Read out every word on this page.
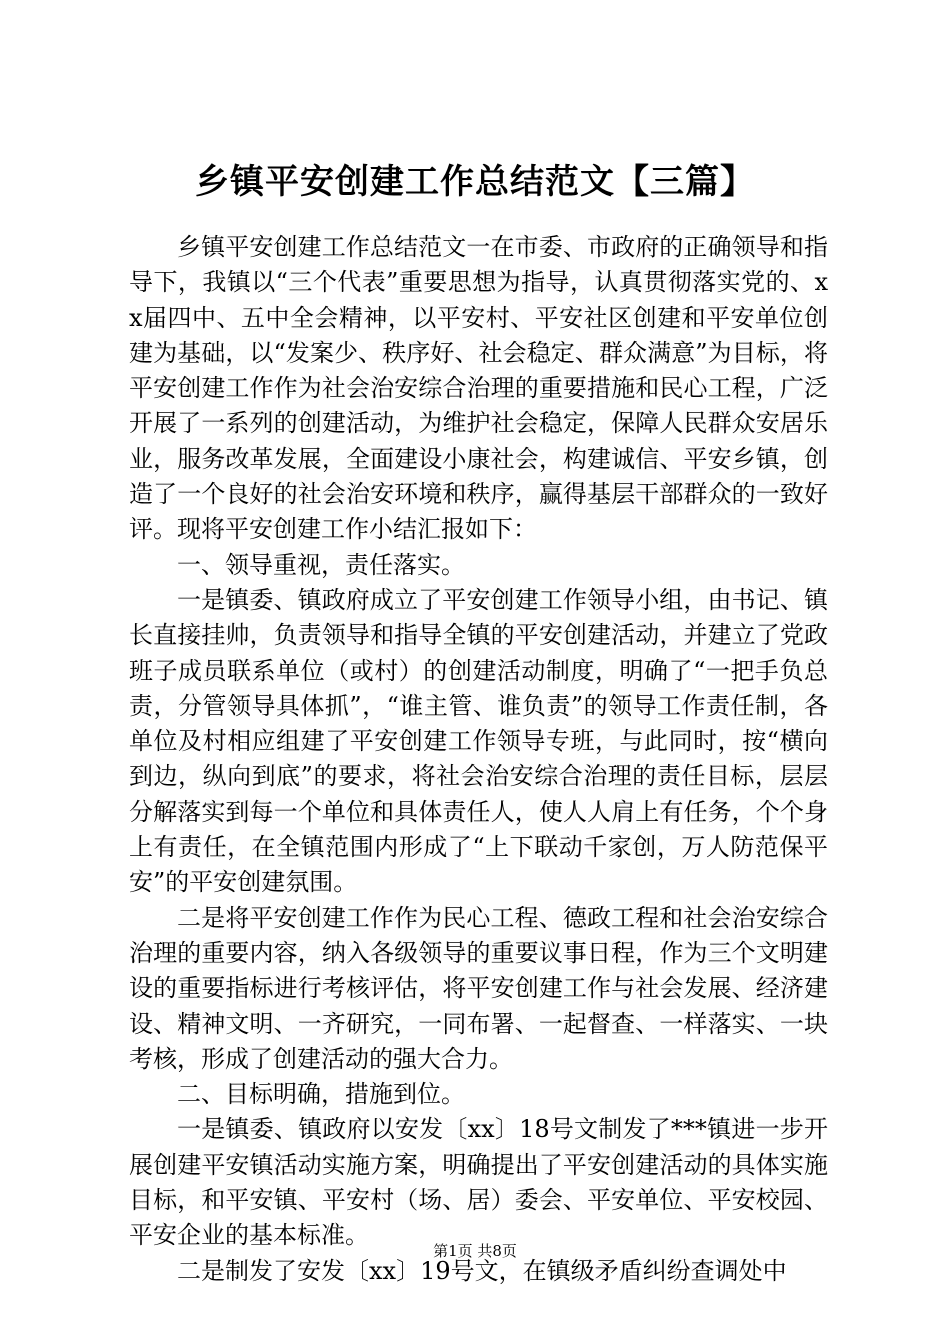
乡镇平安创建工作总结范文【三篇】

乡镇平安创建工作总结范文一在市委、市政府的正确领导和指导下，我镇以“三个代表”重要思想为指导，认真贯彻落实党的、xx届四中、五中全会精神，以平安村、平安社区创建和平安单位创建为基础，以“发案少、秩序好、社会稳定、群众满意”为目标，将平安创建工作作为社会治安综合治理的重要措施和民心工程，广泛开展了一系列的创建活动，为维护社会稳定，保障人民群众安居乐业，服务改革发展，全面建设小康社会，构建诚信、平安乡镇，创造了一个良好的社会治安环境和秩序，赢得基层干部群众的一致好评。现将平安创建工作小结汇报如下：

一、领导重视，责任落实。

一是镇委、镇政府成立了平安创建工作领导小组，由书记、镇长直接挂帅，负责领导和指导全镇的平安创建活动，并建立了党政班子成员联系单位（或村）的创建活动制度，明确了“一把手负总责，分管领导具体抓”，“谁主管、谁负责”的领导工作责任制，各单位及村相应组建了平安创建工作领导专班，与此同时，按“横向到边，纵向到底”的要求，将社会治安综合治理的责任目标，层层分解落实到每一个单位和具体责任人，使人人肩上有任务，个个身上有责任，在全镇范围内形成了“上下联动千家创，万人防范保平安”的平安创建氛围。

二是将平安创建工作作为民心工程、德政工程和社会治安综合治理的重要内容，纳入各级领导的重要议事日程，作为三个文明建设的重要指标进行考核评估，将平安创建工作与社会发展、经济建设、精神文明、一齐研究，一同布署、一起督查、一样落实、一块考核，形成了创建活动的强大合力。

二、目标明确，措施到位。

一是镇委、镇政府以安发〔xx〕18号文制发了***镇进一步开展创建平安镇活动实施方案，明确提出了平安创建活动的具体实施目标，和平安镇、平安村（场、居）委会、平安单位、平安校园、平安企业的基本标准。

二是制发了安发〔xx〕19号文，在镇级矛盾纠纷查调处中

第1页 共8页
